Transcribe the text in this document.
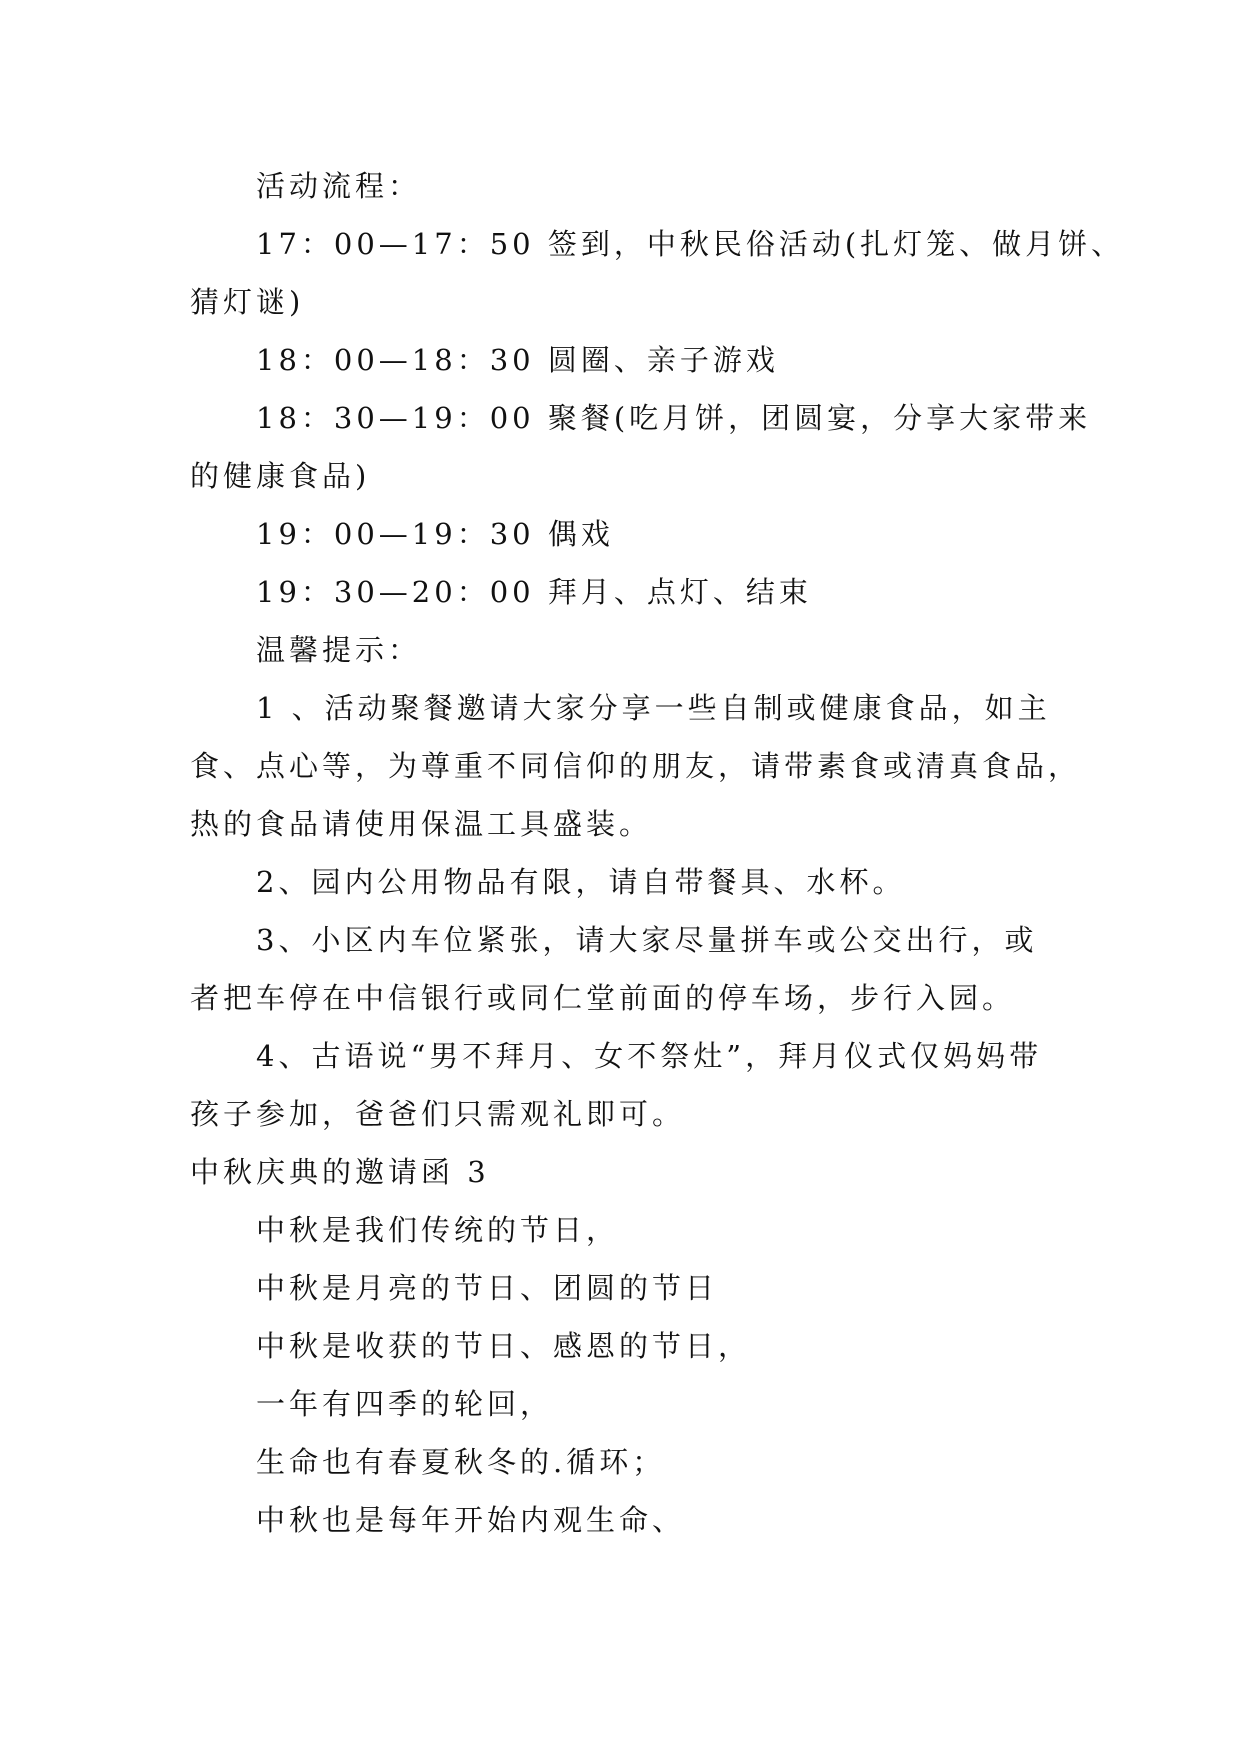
活动流程：
17：00—17：50 签到，中秋民俗活动(扎灯笼、做月饼、
猜灯谜)
18：00—18：30 圆圈、亲子游戏
18：30—19：00 聚餐(吃月饼，团圆宴，分享大家带来
的健康食品)
19：00—19：30 偶戏
19：30—20：00 拜月、点灯、结束
温馨提示：
1 、活动聚餐邀请大家分享一些自制或健康食品，如主
食、点心等，为尊重不同信仰的朋友，请带素食或清真食品，
热的食品请使用保温工具盛装。
2、园内公用物品有限，请自带餐具、水杯。
3、小区内车位紧张，请大家尽量拼车或公交出行，或
者把车停在中信银行或同仁堂前面的停车场，步行入园。
4、古语说“男不拜月、女不祭灶”，拜月仪式仅妈妈带
孩子参加，爸爸们只需观礼即可。
中秋庆典的邀请函 3
中秋是我们传统的节日，
中秋是月亮的节日、团圆的节日
中秋是收获的节日、感恩的节日，
一年有四季的轮回，
生命也有春夏秋冬的.循环；
中秋也是每年开始内观生命、
